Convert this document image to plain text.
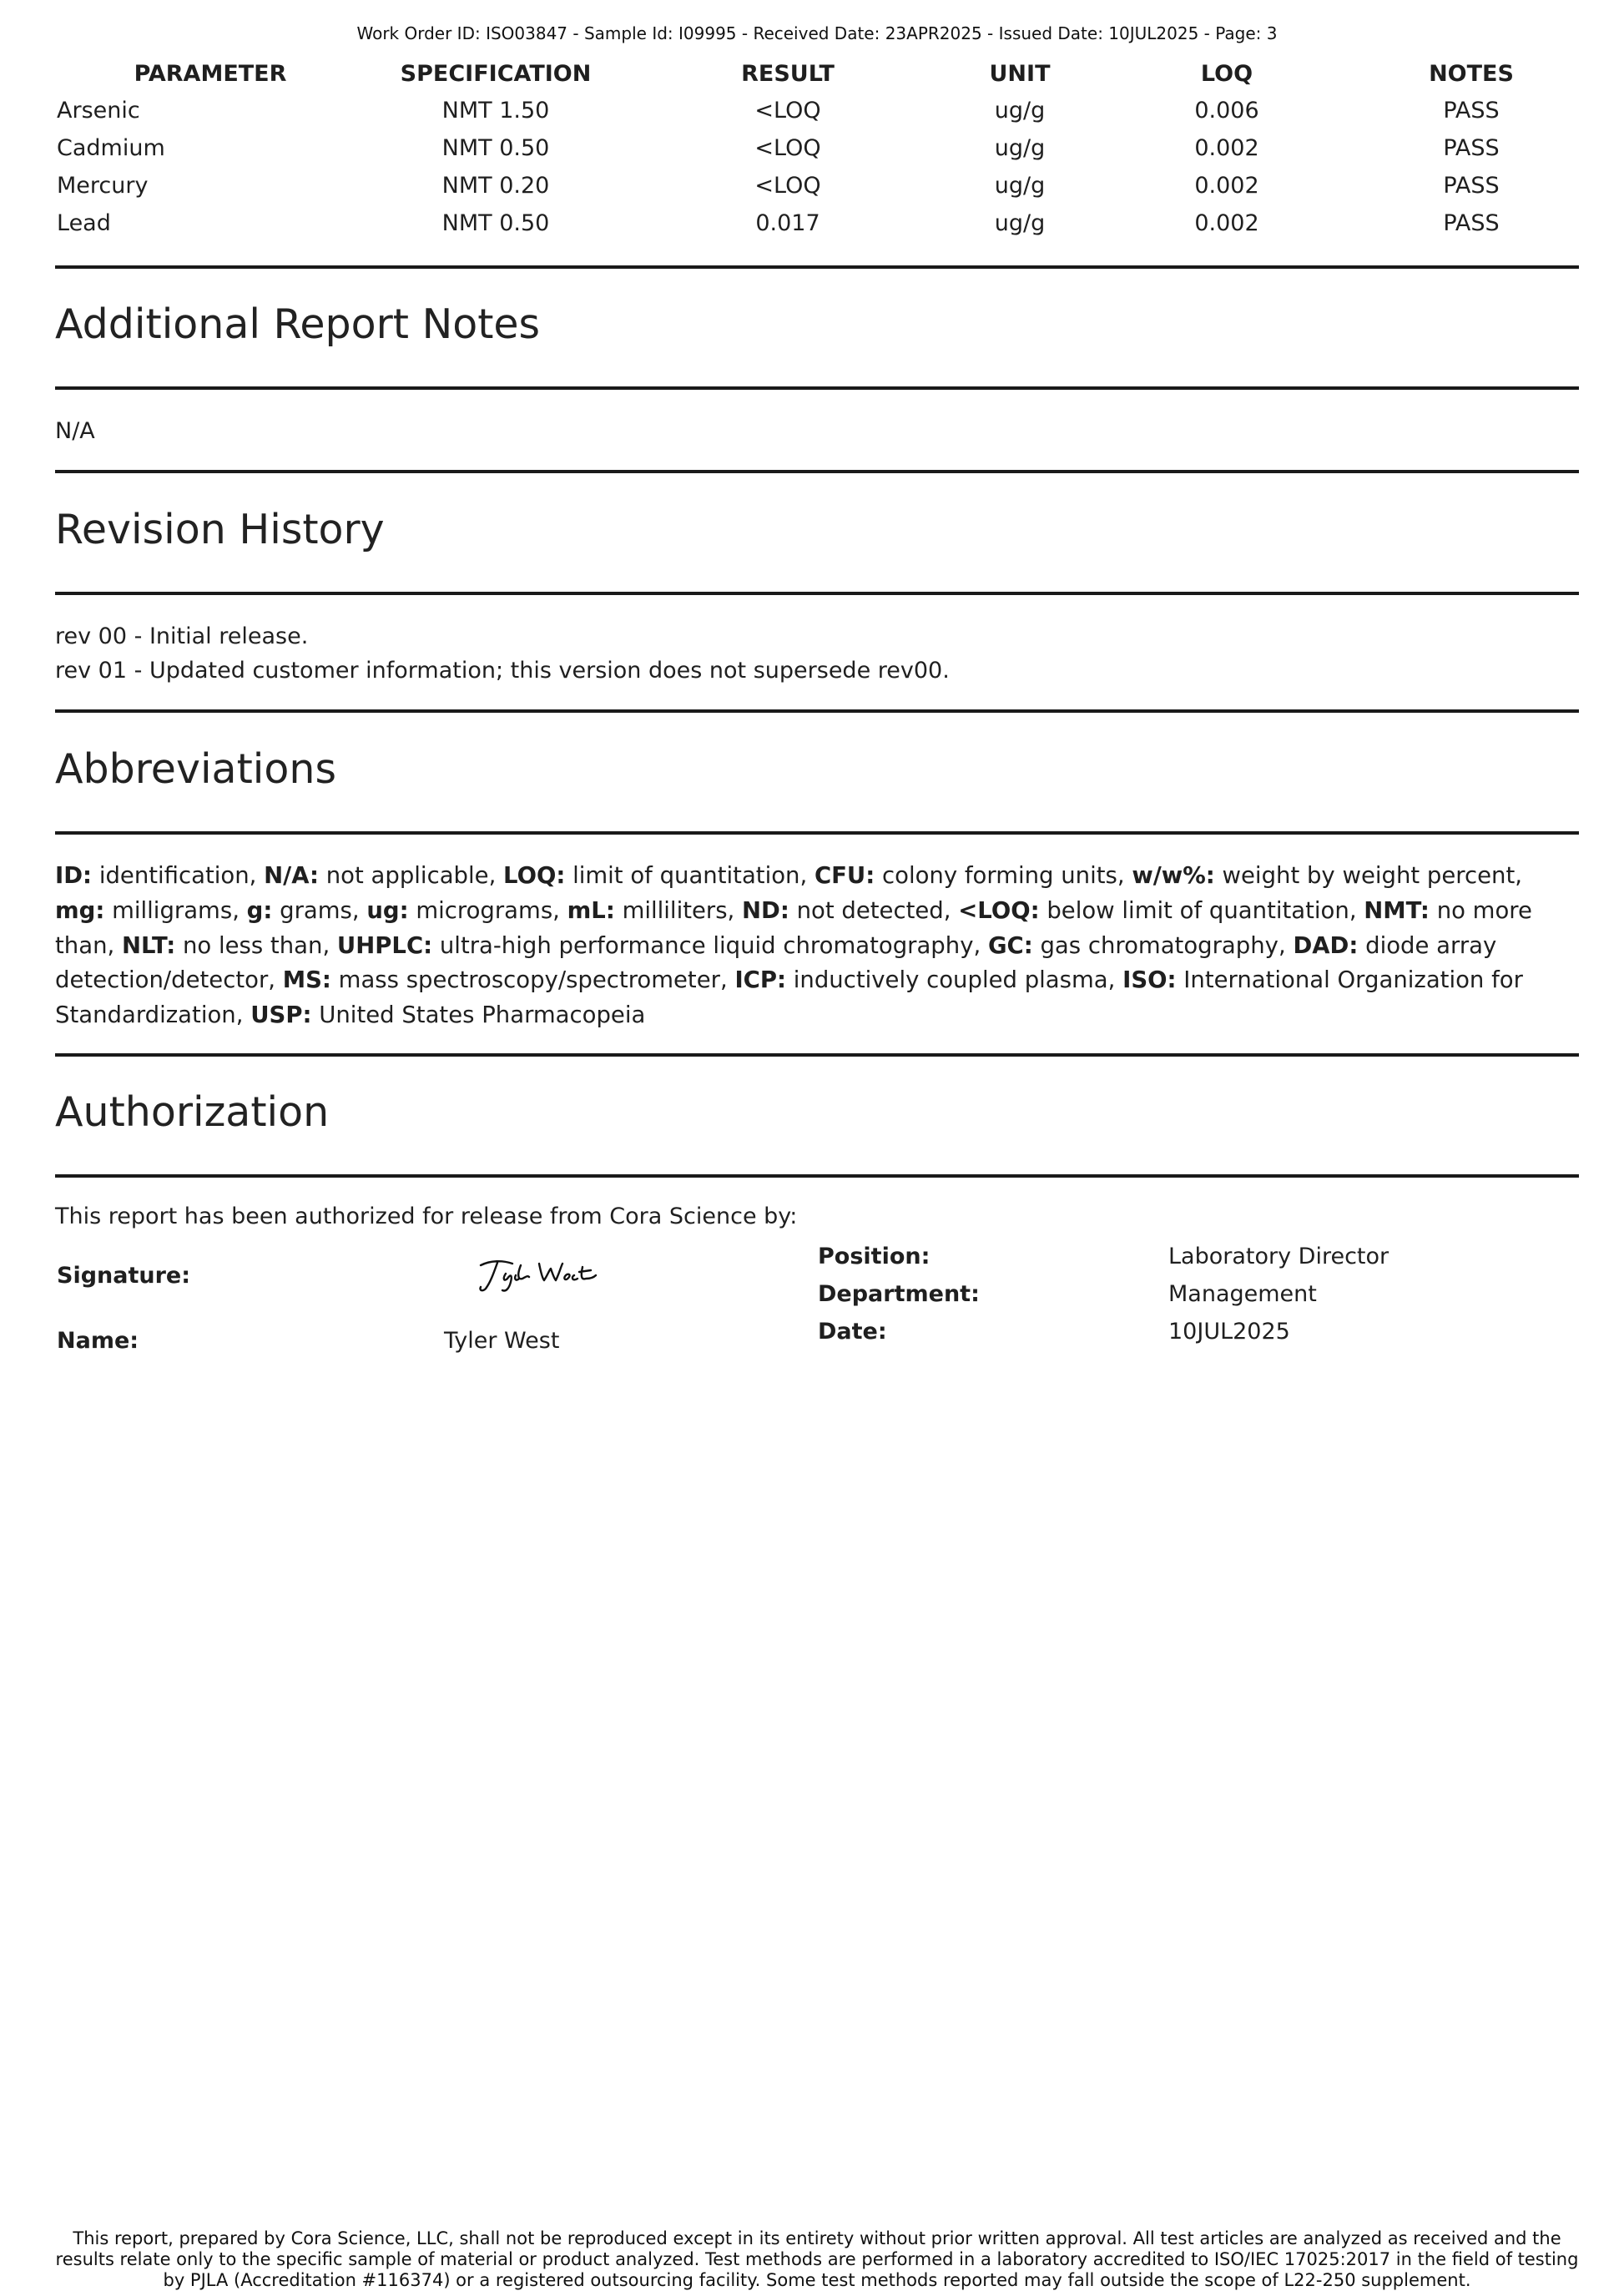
Work Order ID: ISO03847 - Sample Id: I09995 - Received Date: 23APR2025 - Issued Date: 10JUL2025 - Page: 3
PARAMETER	SPECIFICATION	RESULT	UNIT	LOQ	NOTES
Arsenic	NMT 1.50	<LOQ	ug/g	0.006	PASS
Cadmium	NMT 0.50	<LOQ	ug/g	0.002	PASS
Mercury	NMT 0.20	<LOQ	ug/g	0.002	PASS
Lead	NMT 0.50	0.017	ug/g	0.002	PASS
Additional Report Notes

N/A

Revision History

rev 00 - Initial release.

rev 01 - Updated customer information; this version does not supersede rev00.

Abbreviations

ID: identification, N/A: not applicable, LOQ: limit of quantitation, CFU: colony forming units, w/w%: weight by weight percent, mg: milligrams, g: grams, ug: micrograms, mL: milliliters, ND: not detected, <LOQ: below limit of quantitation, NMT: no more than, NLT: no less than, UHPLC: ultra-high performance liquid chromatography, GC: gas chromatography, DAD: diode array detection/detector, MS: mass spectroscopy/spectrometer, ICP: inductively coupled plasma, ISO: International Organization for Standardization, USP: United States Pharmacopeia

Authorization

This report has been authorized for release from Cora Science by:

Signature:
Name:	Tyler West
Position:	Laboratory Director
Department:	Management
Date:	10JUL2025
This report, prepared by Cora Science, LLC, shall not be reproduced except in its entirety without prior written approval. All test articles are analyzed as received and the
results relate only to the specific sample of material or product analyzed. Test methods are performed in a laboratory accredited to ISO/IEC 17025:2017 in the field of testing
by PJLA (Accreditation #116374) or a registered outsourcing facility. Some test methods reported may fall outside the scope of L22-250 supplement.
